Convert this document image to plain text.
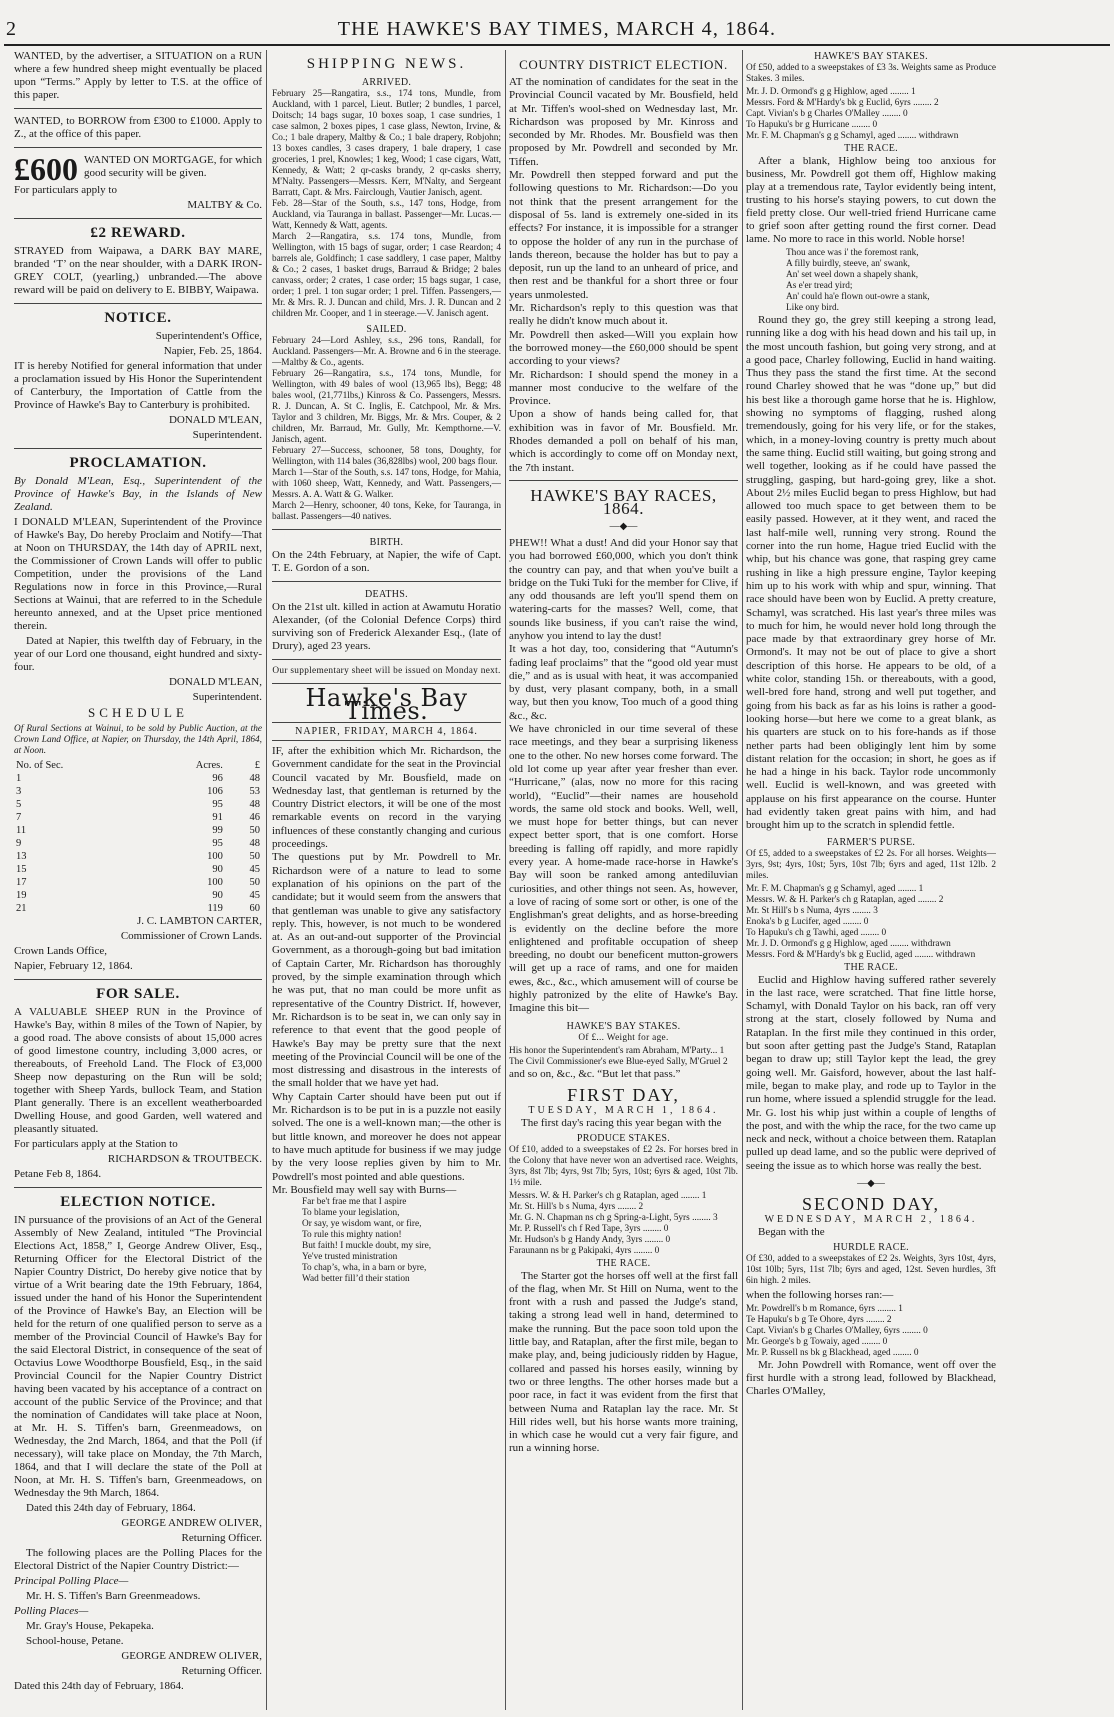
2	THE HAWKE'S BAY TIMES, MARCH 4, 1864.

WANTED, by the advertiser, a SITUATION on a RUN where a few hundred sheep might eventually be placed upon “Terms.” Apply by letter to T.S. at the office of this paper.

WANTED, to BORROW from £300 to £1000. Apply to Z., at the office of this paper.

£600 WANTED ON MORTGAGE, for which good security will be given.

For particulars apply to

MALTBY & Co.

£2 REWARD.

STRAYED from Waipawa, a DARK BAY MARE, branded ‘T’ on the near shoulder, with a DARK IRON-GREY COLT, (yearling,) unbranded.—The above reward will be paid on delivery to E. BIBBY, Waipawa.

NOTICE.

Superintendent's Office,

Napier, Feb. 25, 1864.

IT is hereby Notified for general information that under a proclamation issued by His Honor the Superintendent of Canterbury, the Importation of Cattle from the Province of Hawke's Bay to Canterbury is prohibited.

DONALD M'LEAN,

Superintendent.

PROCLAMATION.

By Donald M'Lean, Esq., Superintendent of the Province of Hawke's Bay, in the Islands of New Zealand.

I DONALD M'LEAN, Superintendent of the Province of Hawke's Bay, Do hereby Proclaim and Notify—That at Noon on THURSDAY, the 14th day of APRIL next, the Commissioner of Crown Lands will offer to public Competition, under the provisions of the Land Regulations now in force in this Province,—Rural Sections at Wainui, that are referred to in the Schedule hereunto annexed, and at the Upset price mentioned therein.

Dated at Napier, this twelfth day of February, in the year of our Lord one thousand, eight hundred and sixty-four.

DONALD M'LEAN,

Superintendent.

SCHEDULE

Of Rural Sections at Wainui, to be sold by Public Auction, at the Crown Land Office, at Napier, on Thursday, the 14th April, 1864, at Noon.

No. of Sec.	Acres.	£
1	96	48
3	106	53
5	95	48
7	91	46
11	99	50
9	95	48
13	100	50
15	90	45
17	100	50
19	90	45
21	119	60

J. C. LAMBTON CARTER,

Commissioner of Crown Lands.

Crown Lands Office,

Napier, February 12, 1864.

FOR SALE.

A VALUABLE SHEEP RUN in the Province of Hawke's Bay, within 8 miles of the Town of Napier, by a good road. The above consists of about 15,000 acres of good limestone country, including 3,000 acres, or thereabouts, of Freehold Land. The Flock of £3,000 Sheep now depasturing on the Run will be sold; together with Sheep Yards, bullock Team, and Station Plant generally. There is an excellent weatherboarded Dwelling House, and good Garden, well watered and pleasantly situated.

For particulars apply at the Station to

RICHARDSON & TROUTBECK.

Petane Feb 8, 1864.

ELECTION NOTICE.

IN pursuance of the provisions of an Act of the General Assembly of New Zealand, intituled “The Provincial Elections Act, 1858,” I, George Andrew Oliver, Esq., Returning Officer for the Electoral District of the Napier Country District, Do hereby give notice that by virtue of a Writ bearing date the 19th February, 1864, issued under the hand of his Honor the Superintendent of the Province of Hawke's Bay, an Election will be held for the return of one qualified person to serve as a member of the Provincial Council of Hawke's Bay for the said Electoral District, in consequence of the seat of Octavius Lowe Woodthorpe Bousfield, Esq., in the said Provincial Council for the Napier Country District having been vacated by his acceptance of a contract on account of the public Service of the Province; and that the nomination of Candidates will take place at Noon, at Mr. H. S. Tiffen's barn, Greenmeadows, on Wednesday, the 2nd March, 1864, and that the Poll (if necessary), will take place on Monday, the 7th March, 1864, and that I will declare the state of the Poll at Noon, at Mr. H. S. Tiffen's barn, Greenmeadows, on Wednesday the 9th March, 1864.

Dated this 24th day of February, 1864.

GEORGE ANDREW OLIVER,

Returning Officer.

The following places are the Polling Places for the Electoral District of the Napier Country District:—

Principal Polling Place—

Mr. H. S. Tiffen's Barn Greenmeadows.

Polling Places—

Mr. Gray's House, Pekapeka.

School-house, Petane.

GEORGE ANDREW OLIVER,

Returning Officer.

Dated this 24th day of February, 1864.

SHIPPING NEWS.
ARRIVED.
February 25—Rangatira, s.s., 174 tons, Mundle, from Auckland, with 1 parcel, Lieut. Butler; 2 bundles, 1 parcel, Doitsch; 14 bags sugar, 10 boxes soap, 1 case sundries, 1 case salmon, 2 boxes pipes, 1 case glass, Newton, Irvine, & Co.; 1 bale drapery, Maltby & Co.; 1 bale drapery, Robjohn; 13 boxes candles, 3 cases drapery, 1 bale drapery, 1 case groceries, 1 prel, Knowles; 1 keg, Wood; 1 case cigars, Watt, Kennedy, & Watt; 2 qr-casks brandy, 2 qr-casks sherry, M'Nalty. Passengers—Messrs. Kerr, M'Nalty, and Sergeant Barratt, Capt. & Mrs. Fairclough, Vautier Janisch, agent.
Feb. 28—Star of the South, s.s., 147 tons, Hodge, from Auckland, via Tauranga in ballast. Passenger—Mr. Lucas.—Watt, Kennedy & Watt, agents.
March 2—Rangatira, s.s. 174 tons, Mundle, from Wellington, with 15 bags of sugar, order; 1 case Reardon; 4 barrels ale, Goldfinch; 1 case saddlery, 1 case paper, Maltby & Co.; 2 cases, 1 basket drugs, Barraud & Bridge; 2 bales canvass, order; 2 crates, 1 case order; 15 bags sugar, 1 case, order; 1 prel. 1 ton sugar order; 1 prel. Tiffen. Passengers,—Mr. & Mrs. R. J. Duncan and child, Mrs. J. R. Duncan and 2 children Mr. Cooper, and 1 in steerage.—V. Janisch agent.
SAILED.
February 24—Lord Ashley, s.s., 296 tons, Randall, for Auckland. Passengers—Mr. A. Browne and 6 in the steerage.—Maltby & Co., agents.
February 26—Rangatira, s.s., 174 tons, Mundle, for Wellington, with 49 bales of wool (13,965 lbs), Begg; 48 bales wool, (21,771lbs,) Kinross & Co. Passengers, Messrs. R. J. Duncan, A. St C. Inglis, E. Catchpool, Mr. & Mrs. Taylor and 3 children, Mr. Biggs, Mr. & Mrs. Couper, & 2 children, Mr. Barraud, Mr. Gully, Mr. Kempthorne.—V. Janisch, agent.
February 27—Success, schooner, 58 tons, Doughty, for Wellington, with 114 bales (36,828lbs) wool, 200 bags flour.
March 1—Star of the South, s.s. 147 tons, Hodge, for Mahia, with 1060 sheep, Watt, Kennedy, and Watt. Passengers,—Messrs. A. A. Watt & G. Walker.
March 2—Henry, schooner, 40 tons, Keke, for Tauranga, in ballast. Passengers—40 natives.
BIRTH.

On the 24th February, at Napier, the wife of Capt. T. E. Gordon of a son.

DEATHS.

On the 21st ult. killed in action at Awamutu Horatio Alexander, (of the Colonial Defence Corps) third surviving son of Frederick Alexander Esq., (late of Drury), aged 23 years.

Our supplementary sheet will be issued on Monday next.

Hawke's Bay Times.
NAPIER, FRIDAY, MARCH 4, 1864.
IF, after the exhibition which Mr. Richardson, the Government candidate for the seat in the Provincial Council vacated by Mr. Bousfield, made on Wednesday last, that gentleman is returned by the Country District electors, it will be one of the most remarkable events on record in the varying influences of these constantly changing and curious proceedings.
The questions put by Mr. Powdrell to Mr. Richardson were of a nature to lead to some explanation of his opinions on the part of the candidate; but it would seem from the answers that that gentleman was unable to give any satisfactory reply. This, however, is not much to be wondered at. As an out-and-out supporter of the Provincial Government, as a thorough-going but bad imitation of Captain Carter, Mr. Richardson has thoroughly proved, by the simple examination through which he was put, that no man could be more unfit as representative of the Country District. If, however, Mr. Richardson is to be seat in, we can only say in reference to that event that the good people of Hawke's Bay may be pretty sure that the next meeting of the Provincial Council will be one of the most distressing and disastrous in the interests of the small holder that we have yet had.
Why Captain Carter should have been put out if Mr. Richardson is to be put in is a puzzle not easily solved. The one is a well-known man;—the other is but little known, and moreover he does not appear to have much aptitude for business if we may judge by the very loose replies given by him to Mr. Powdrell's most pointed and able questions.
Mr. Bousfield may well say with Burns—
Far be't frae me that I aspire
To blame your legislation,
Or say, ye wisdom want, or fire,
To rule this mighty nation!
But faith! I muckle doubt, my sire,
Ye've trusted ministration
To chap’s, wha, in a barn or byre,
Wad better fill’d their station
COUNTRY DISTRICT ELECTION.
AT the nomination of candidates for the seat in the Provincial Council vacated by Mr. Bousfield, held at Mr. Tiffen's wool-shed on Wednesday last, Mr. Richardson was proposed by Mr. Kinross and seconded by Mr. Rhodes. Mr. Bousfield was then proposed by Mr. Powdrell and seconded by Mr. Tiffen.
Mr. Powdrell then stepped forward and put the following questions to Mr. Richardson:—Do you not think that the present arrangement for the disposal of 5s. land is extremely one-sided in its effects? For instance, it is impossible for a stranger to oppose the holder of any run in the purchase of lands thereon, because the holder has but to pay a deposit, run up the land to an unheard of price, and then rest and be thankful for a short three or four years unmolested.
Mr. Richardson's reply to this question was that really he didn't know much about it.
Mr. Powdrell then asked—Will you explain how the borrowed money—the £60,000 should be spent according to your views?
Mr. Richardson: I should spend the money in a manner most conducive to the welfare of the Province.
Upon a show of hands being called for, that exhibition was in favor of Mr. Bousfield. Mr. Rhodes demanded a poll on behalf of his man, which is accordingly to come off on Monday next, the 7th instant.
HAWKE'S BAY RACES, 1864.
—◆—
PHEW!! What a dust! And did your Honor say that you had borrowed £60,000, which you don't think the country can pay, and that when you've built a bridge on the Tuki Tuki for the member for Clive, if any odd thousands are left you'll spend them on watering-carts for the masses? Well, come, that sounds like business, if you can't raise the wind, anyhow you intend to lay the dust!
It was a hot day, too, considering that “Autumn's fading leaf proclaims” that the “good old year must die,” and as is usual with heat, it was accompanied by dust, very plasant company, both, in a small way, but then you know, Too much of a good thing &c., &c.
We have chronicled in our time several of these race meetings, and they bear a surprising likeness one to the other. No new horses come forward. The old lot come up year after year fresher than ever. “Hurricane,” (alas, now no more for this racing world), “Euclid”—their names are household words, the same old stock and books. Well, well, we must hope for better things, but can never expect better sport, that is one comfort. Horse breeding is falling off rapidly, and more rapidly every year. A home-made race-horse in Hawke's Bay will soon be ranked among antediluvian curiosities, and other things not seen. As, however, a love of racing of some sort or other, is one of the Englishman's great delights, and as horse-breeding is evidently on the decline before the more enlightened and profitable occupation of sheep breeding, no doubt our beneficent mutton-growers will get up a race of rams, and one for maiden ewes, &c., &c., which amusement will of course be highly patronized by the elite of Hawke's Bay. Imagine this bit—
HAWKE'S BAY STAKES.

Of £... Weight for age.

His honor the Superintendent's ram Abraham, M'Party... 1
The Civil Commissioner's ewe Blue-eyed Sally, M'Gruel 2

and so on, &c., &c. “But let that pass.”

FIRST DAY,
TUESDAY, MARCH 1, 1864.

The first day's racing this year began with the

PRODUCE STAKES.

Of £10, added to a sweepstakes of £2 2s. For horses bred in the Colony that have never won an advertised race. Weights, 3yrs, 8st 7lb; 4yrs, 9st 7lb; 5yrs, 10st; 6yrs & aged, 10st 7lb. 1½ mile.

Messrs. W. & H. Parker's ch g Rataplan, aged ........ 1
Mr. St. Hill's b s Numa, 4yrs ........ 2
Mr. G. N. Chapman ns ch g Spring-a-Light, 5yrs ........ 3
Mr. P. Russell's ch f Red Tape, 3yrs ........ 0
Mr. Hudson's b g Handy Andy, 3yrs ........ 0
Faraunann ns br g Pakipaki, 4yrs ........ 0
THE RACE.

The Starter got the horses off well at the first fall of the flag, when Mr. St Hill on Numa, went to the front with a rush and passed the Judge's stand, taking a strong lead well in hand, determined to make the running. But the pace soon told upon the little bay, and Rataplan, after the first mile, began to make play, and, being judiciously ridden by Hague, collared and passed his horses easily, winning by two or three lengths. The other horses made but a poor race, in fact it was evident from the first that between Numa and Rataplan lay the race. Mr. St Hill rides well, but his horse wants more training, in which case he would cut a very fair figure, and run a winning horse.

HAWKE'S BAY STAKES.

Of £50, added to a sweepstakes of £3 3s. Weights same as Produce Stakes. 3 miles.

Mr. J. D. Ormond's g g Highlow, aged ........ 1
Messrs. Ford & M'Hardy's bk g Euclid, 6yrs ........ 2
Capt. Vivian's b g Charles O'Malley ........ 0
To Hapuku's br g Hurricane ........ 0
Mr. F. M. Chapman's g g Schamyl, aged ........ withdrawn
THE RACE.

After a blank, Highlow being too anxious for business, Mr. Powdrell got them off, Highlow making play at a tremendous rate, Taylor evidently being intent, trusting to his horse's staying powers, to cut down the field pretty close. Our well-tried friend Hurricane came to grief soon after getting round the first corner. Dead lame. No more to race in this world. Noble horse!

Thou ance was i' the foremost rank,
A filly buirdly, steeve, an' swank,
An' set weel down a shapely shank,
As e'er tread yird;
An' could ha'e flown out-owre a stank,
Like ony bird.

Round they go, the grey still keeping a strong lead, running like a dog with his head down and his tail up, in the most uncouth fashion, but going very strong, and at a good pace, Charley following, Euclid in hand waiting. Thus they pass the stand the first time. At the second round Charley showed that he was “done up,” but did his best like a thorough game horse that he is. Highlow, showing no symptoms of flagging, rushed along tremendously, going for his very life, or for the stakes, which, in a money-loving country is pretty much about the same thing. Euclid still waiting, but going strong and well together, looking as if he could have passed the struggling, gasping, but hard-going grey, like a shot. About 2½ miles Euclid began to press Highlow, but had allowed too much space to get between them to be easily passed. However, at it they went, and raced the last half-mile well, running very strong. Round the corner into the run home, Hague tried Euclid with the whip, but his chance was gone, that rasping grey came rushing in like a high pressure engine, Taylor keeping him up to his work with whip and spur, winning. That race should have been won by Euclid. A pretty creature, Schamyl, was scratched. His last year's three miles was to much for him, he would never hold long through the pace made by that extraordinary grey horse of Mr. Ormond's. It may not be out of place to give a short description of this horse. He appears to be old, of a white color, standing 15h. or thereabouts, with a good, well-bred fore hand, strong and well put together, and going from his back as far as his loins is rather a good-looking horse—but here we come to a great blank, as his quarters are stuck on to his fore-hands as if those nether parts had been obligingly lent him by some distant relation for the occasion; in short, he goes as if he had a hinge in his back. Taylor rode uncommonly well. Euclid is well-known, and was greeted with applause on his first appearance on the course. Hunter had evidently taken great pains with him, and had brought him up to the scratch in splendid fettle.

FARMER'S PURSE.

Of £5, added to a sweepstakes of £2 2s. For all horses. Weights—3yrs, 9st; 4yrs, 10st; 5yrs, 10st 7lb; 6yrs and aged, 11st 12lb. 2 miles.

Mr. F. M. Chapman's g g Schamyl, aged ........ 1
Messrs. W. & H. Parker's ch g Rataplan, aged ........ 2
Mr. St Hill's b s Numa, 4yrs ........ 3
Enoka's b g Lucifer, aged ........ 0
To Hapuku's ch g Tawhi, aged ........ 0
Mr. J. D. Ormond's g g Highlow, aged ........ withdrawn
Messrs. Ford & M'Hardy's bk g Euclid, aged ........ withdrawn
THE RACE.

Euclid and Highlow having suffered rather severely in the last race, were scratched. That fine little horse, Schamyl, with Donald Taylor on his back, ran off very strong at the start, closely followed by Numa and Rataplan. In the first mile they continued in this order, but soon after getting past the Judge's Stand, Rataplan began to draw up; still Taylor kept the lead, the grey going well. Mr. Gaisford, however, about the last half-mile, began to make play, and rode up to Taylor in the run home, where issued a splendid struggle for the lead. Mr. G. lost his whip just within a couple of lengths of the post, and with the whip the race, for the two came up neck and neck, without a choice between them. Rataplan pulled up dead lame, and so the public were deprived of seeing the issue as to which horse was really the best.

—◆—
SECOND DAY,
WEDNESDAY, MARCH 2, 1864.

Began with the

HURDLE RACE.

Of £30, added to a sweepstakes of £2 2s. Weights, 3yrs 10st, 4yrs, 10st 10lb; 5yrs, 11st 7lb; 6yrs and aged, 12st. Seven hurdles, 3ft 6in high. 2 miles.

when the following horses ran:—

Mr. Powdrell's b m Romance, 6yrs ........ 1
Te Hapuku's b g Te Ohore, 4yrs ........ 2
Capt. Vivian's b g Charles O'Malley, 6yrs ........ 0
Mr. George's b g Towaiy, aged ........ 0
Mr. P. Russell ns bk g Blackhead, aged ........ 0

Mr. John Powdrell with Romance, went off over the first hurdle with a strong lead, followed by Blackhead, Charles O'Malley,
